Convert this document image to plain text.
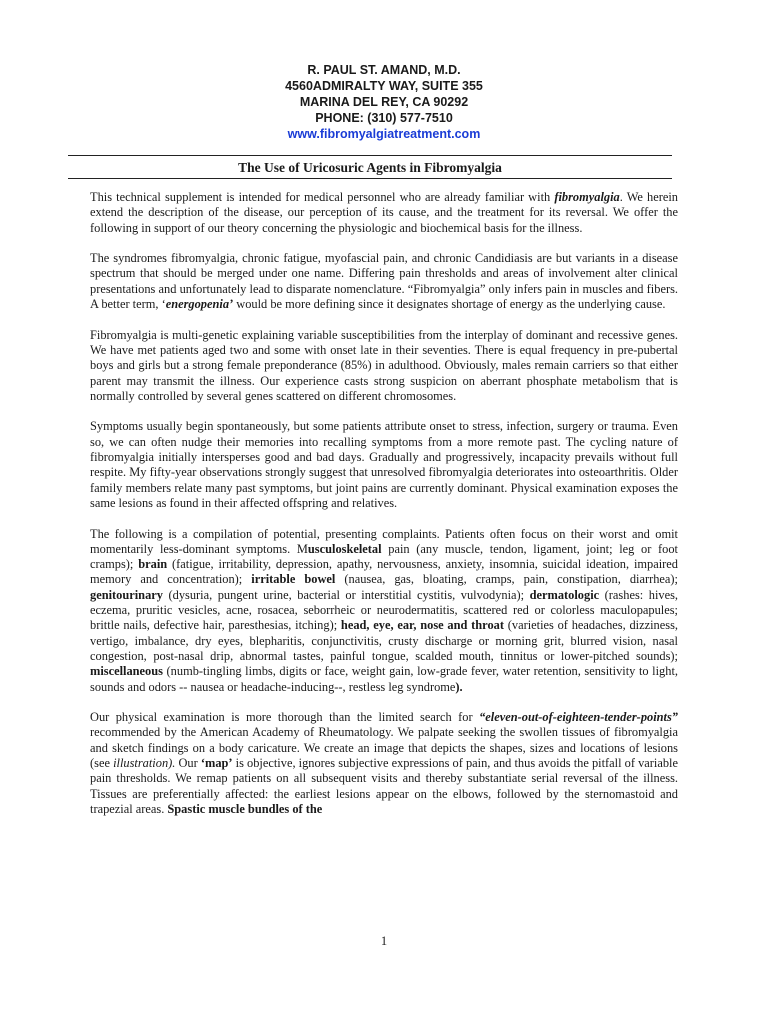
R. PAUL ST. AMAND, M.D.
4560ADMIRALTY WAY, SUITE 355
MARINA DEL REY, CA 90292
PHONE: (310) 577-7510
www.fibromyalgiatreatment.com
The Use of Uricosuric Agents in Fibromyalgia

This technical supplement is intended for medical personnel who are already familiar with fibromyalgia. We herein extend the description of the disease, our perception of its cause, and the treatment for its reversal. We offer the following in support of our theory concerning the physiologic and biochemical basis for the illness.

The syndromes fibromyalgia, chronic fatigue, myofascial pain, and chronic Candidiasis are but variants in a disease spectrum that should be merged under one name. Differing pain thresholds and areas of involvement alter clinical presentations and unfortunately lead to disparate nomenclature. “Fibromyalgia” only infers pain in muscles and fibers. A better term, ‘energopenia’ would be more defining since it designates shortage of energy as the underlying cause.

Fibromyalgia is multi-genetic explaining variable susceptibilities from the interplay of dominant and recessive genes. We have met patients aged two and some with onset late in their seventies. There is equal frequency in pre-pubertal boys and girls but a strong female preponderance (85%) in adulthood. Obviously, males remain carriers so that either parent may transmit the illness. Our experience casts strong suspicion on aberrant phosphate metabolism that is normally controlled by several genes scattered on different chromosomes.

Symptoms usually begin spontaneously, but some patients attribute onset to stress, infection, surgery or trauma. Even so, we can often nudge their memories into recalling symptoms from a more remote past. The cycling nature of fibromyalgia initially intersperses good and bad days. Gradually and progressively, incapacity prevails without full respite. My fifty-year observations strongly suggest that unresolved fibromyalgia deteriorates into osteoarthritis. Older family members relate many past symptoms, but joint pains are currently dominant. Physical examination exposes the same lesions as found in their affected offspring and relatives.

The following is a compilation of potential, presenting complaints. Patients often focus on their worst and omit momentarily less-dominant symptoms. Musculoskeletal pain (any muscle, tendon, ligament, joint; leg or foot cramps); brain (fatigue, irritability, depression, apathy, nervousness, anxiety, insomnia, suicidal ideation, impaired memory and concentration); irritable bowel (nausea, gas, bloating, cramps, pain, constipation, diarrhea); genitourinary (dysuria, pungent urine, bacterial or interstitial cystitis, vulvodynia); dermatologic (rashes: hives, eczema, pruritic vesicles, acne, rosacea, seborrheic or neurodermatitis, scattered red or colorless maculopapules; brittle nails, defective hair, paresthesias, itching); head, eye, ear, nose and throat (varieties of headaches, dizziness, vertigo, imbalance, dry eyes, blepharitis, conjunctivitis, crusty discharge or morning grit, blurred vision, nasal congestion, post-nasal drip, abnormal tastes, painful tongue, scalded mouth, tinnitus or lower-pitched sounds); miscellaneous (numb-tingling limbs, digits or face, weight gain, low-grade fever, water retention, sensitivity to light, sounds and odors -- nausea or headache-inducing--, restless leg syndrome).

Our physical examination is more thorough than the limited search for “eleven-out-of-eighteen-tender-points” recommended by the American Academy of Rheumatology. We palpate seeking the swollen tissues of fibromyalgia and sketch findings on a body caricature. We create an image that depicts the shapes, sizes and locations of lesions (see illustration). Our ‘map’ is objective, ignores subjective expressions of pain, and thus avoids the pitfall of variable pain thresholds. We remap patients on all subsequent visits and thereby substantiate serial reversal of the illness. Tissues are preferentially affected: the earliest lesions appear on the elbows, followed by the sternomastoid and trapezial areas. Spastic muscle bundles of the

1
